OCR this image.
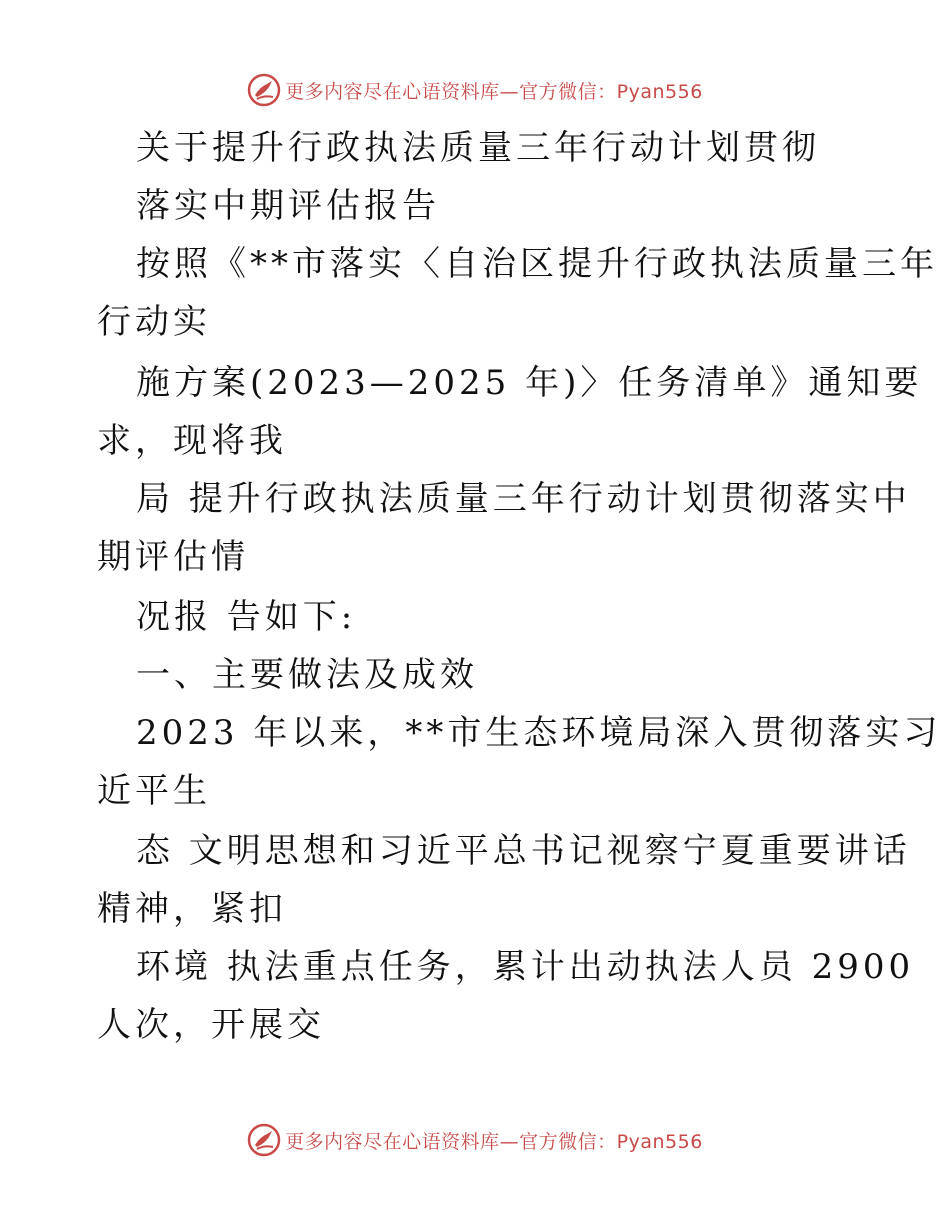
更多内容尽在心语资料库—官方微信：Pyan556
关于提升行政执法质量三年行动计划贯彻
落实中期评估报告
按照《**市落实〈自治区提升行政执法质量三年
行动实
施方案(2023—2025 年)〉任务清单》通知要
求，现将我
局 提升行政执法质量三年行动计划贯彻落实中
期评估情
况报 告如下:
一、主要做法及成效
2023 年以来，**市生态环境局深入贯彻落实习
近平生
态 文明思想和习近平总书记视察宁夏重要讲话
精神，紧扣
环境 执法重点任务，累计出动执法人员 2900
人次，开展交
更多内容尽在心语资料库—官方微信：Pyan556
